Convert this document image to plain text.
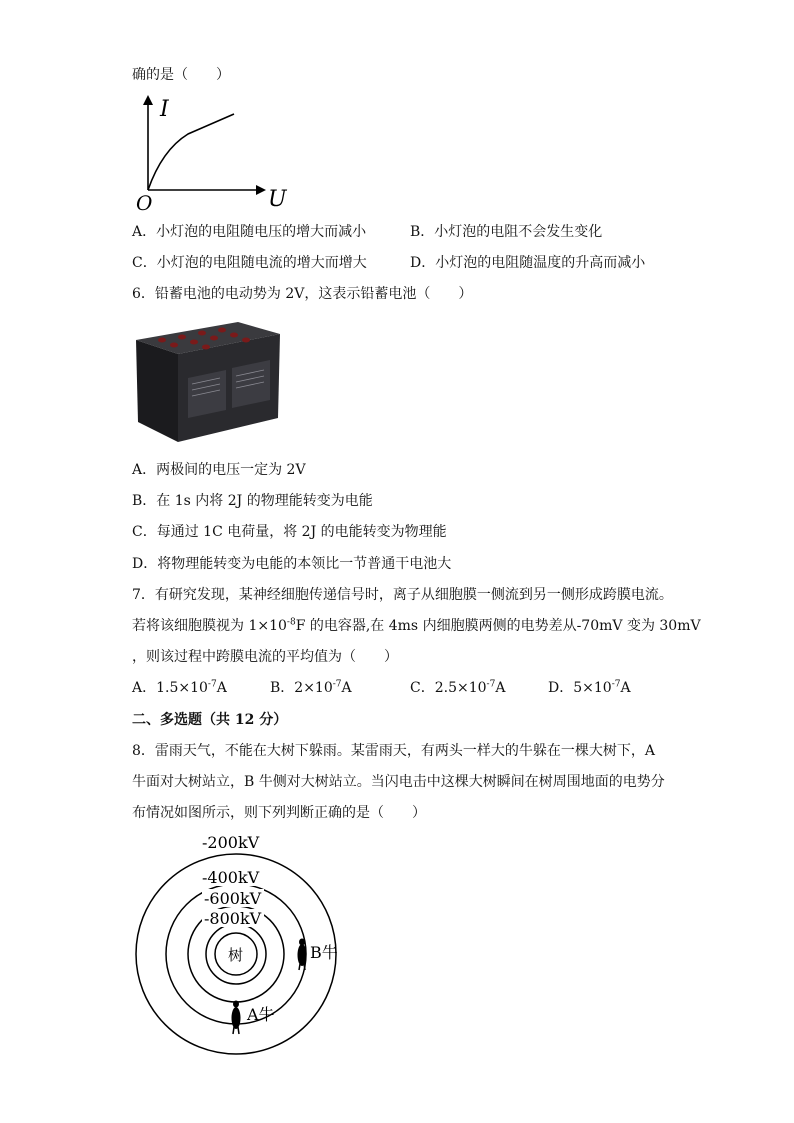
确的是（　　）
I
U
O
A．小灯泡的电阻随电压的增大而减小	B．小灯泡的电阻不会发生变化
C．小灯泡的电阻随电流的增大而增大	D．小灯泡的电阻随温度的升高而减小
6．铅蓄电池的电动势为 2V，这表示铅蓄电池（　　）
A．两极间的电压一定为 2V
B．在 1s 内将 2J 的物理能转变为电能
C．每通过 1C 电荷量，将 2J 的电能转变为物理能
D．将物理能转变为电能的本领比一节普通干电池大
7．有研究发现，某神经细胞传递信号时，离子从细胞膜一侧流到另一侧形成跨膜电流。
若将该细胞膜视为 $1\times 10^{-8}F$ 的电容器,在 4ms 内细胞膜两侧的电势差从-70mV 变为 30mV
，则该过程中跨膜电流的平均值为（　　）
A．$1.5\times 10^{-7}A$	B．$2\times 10^{-7}A$	C．$2.5\times 10^{-7}A$	D．$5\times 10^{-7}A$
二、多选题（共 12 分）
8．雷雨天气，不能在大树下躲雨。某雷雨天，有两头一样大的牛躲在一棵大树下，A
牛面对大树站立，B 牛侧对大树站立。当闪电击中这棵大树瞬间在树周围地面的电势分
布情况如图所示，则下列判断正确的是（　　）
-200kV
-400kV
-600kV
-800kV
树	B牛
A牛
